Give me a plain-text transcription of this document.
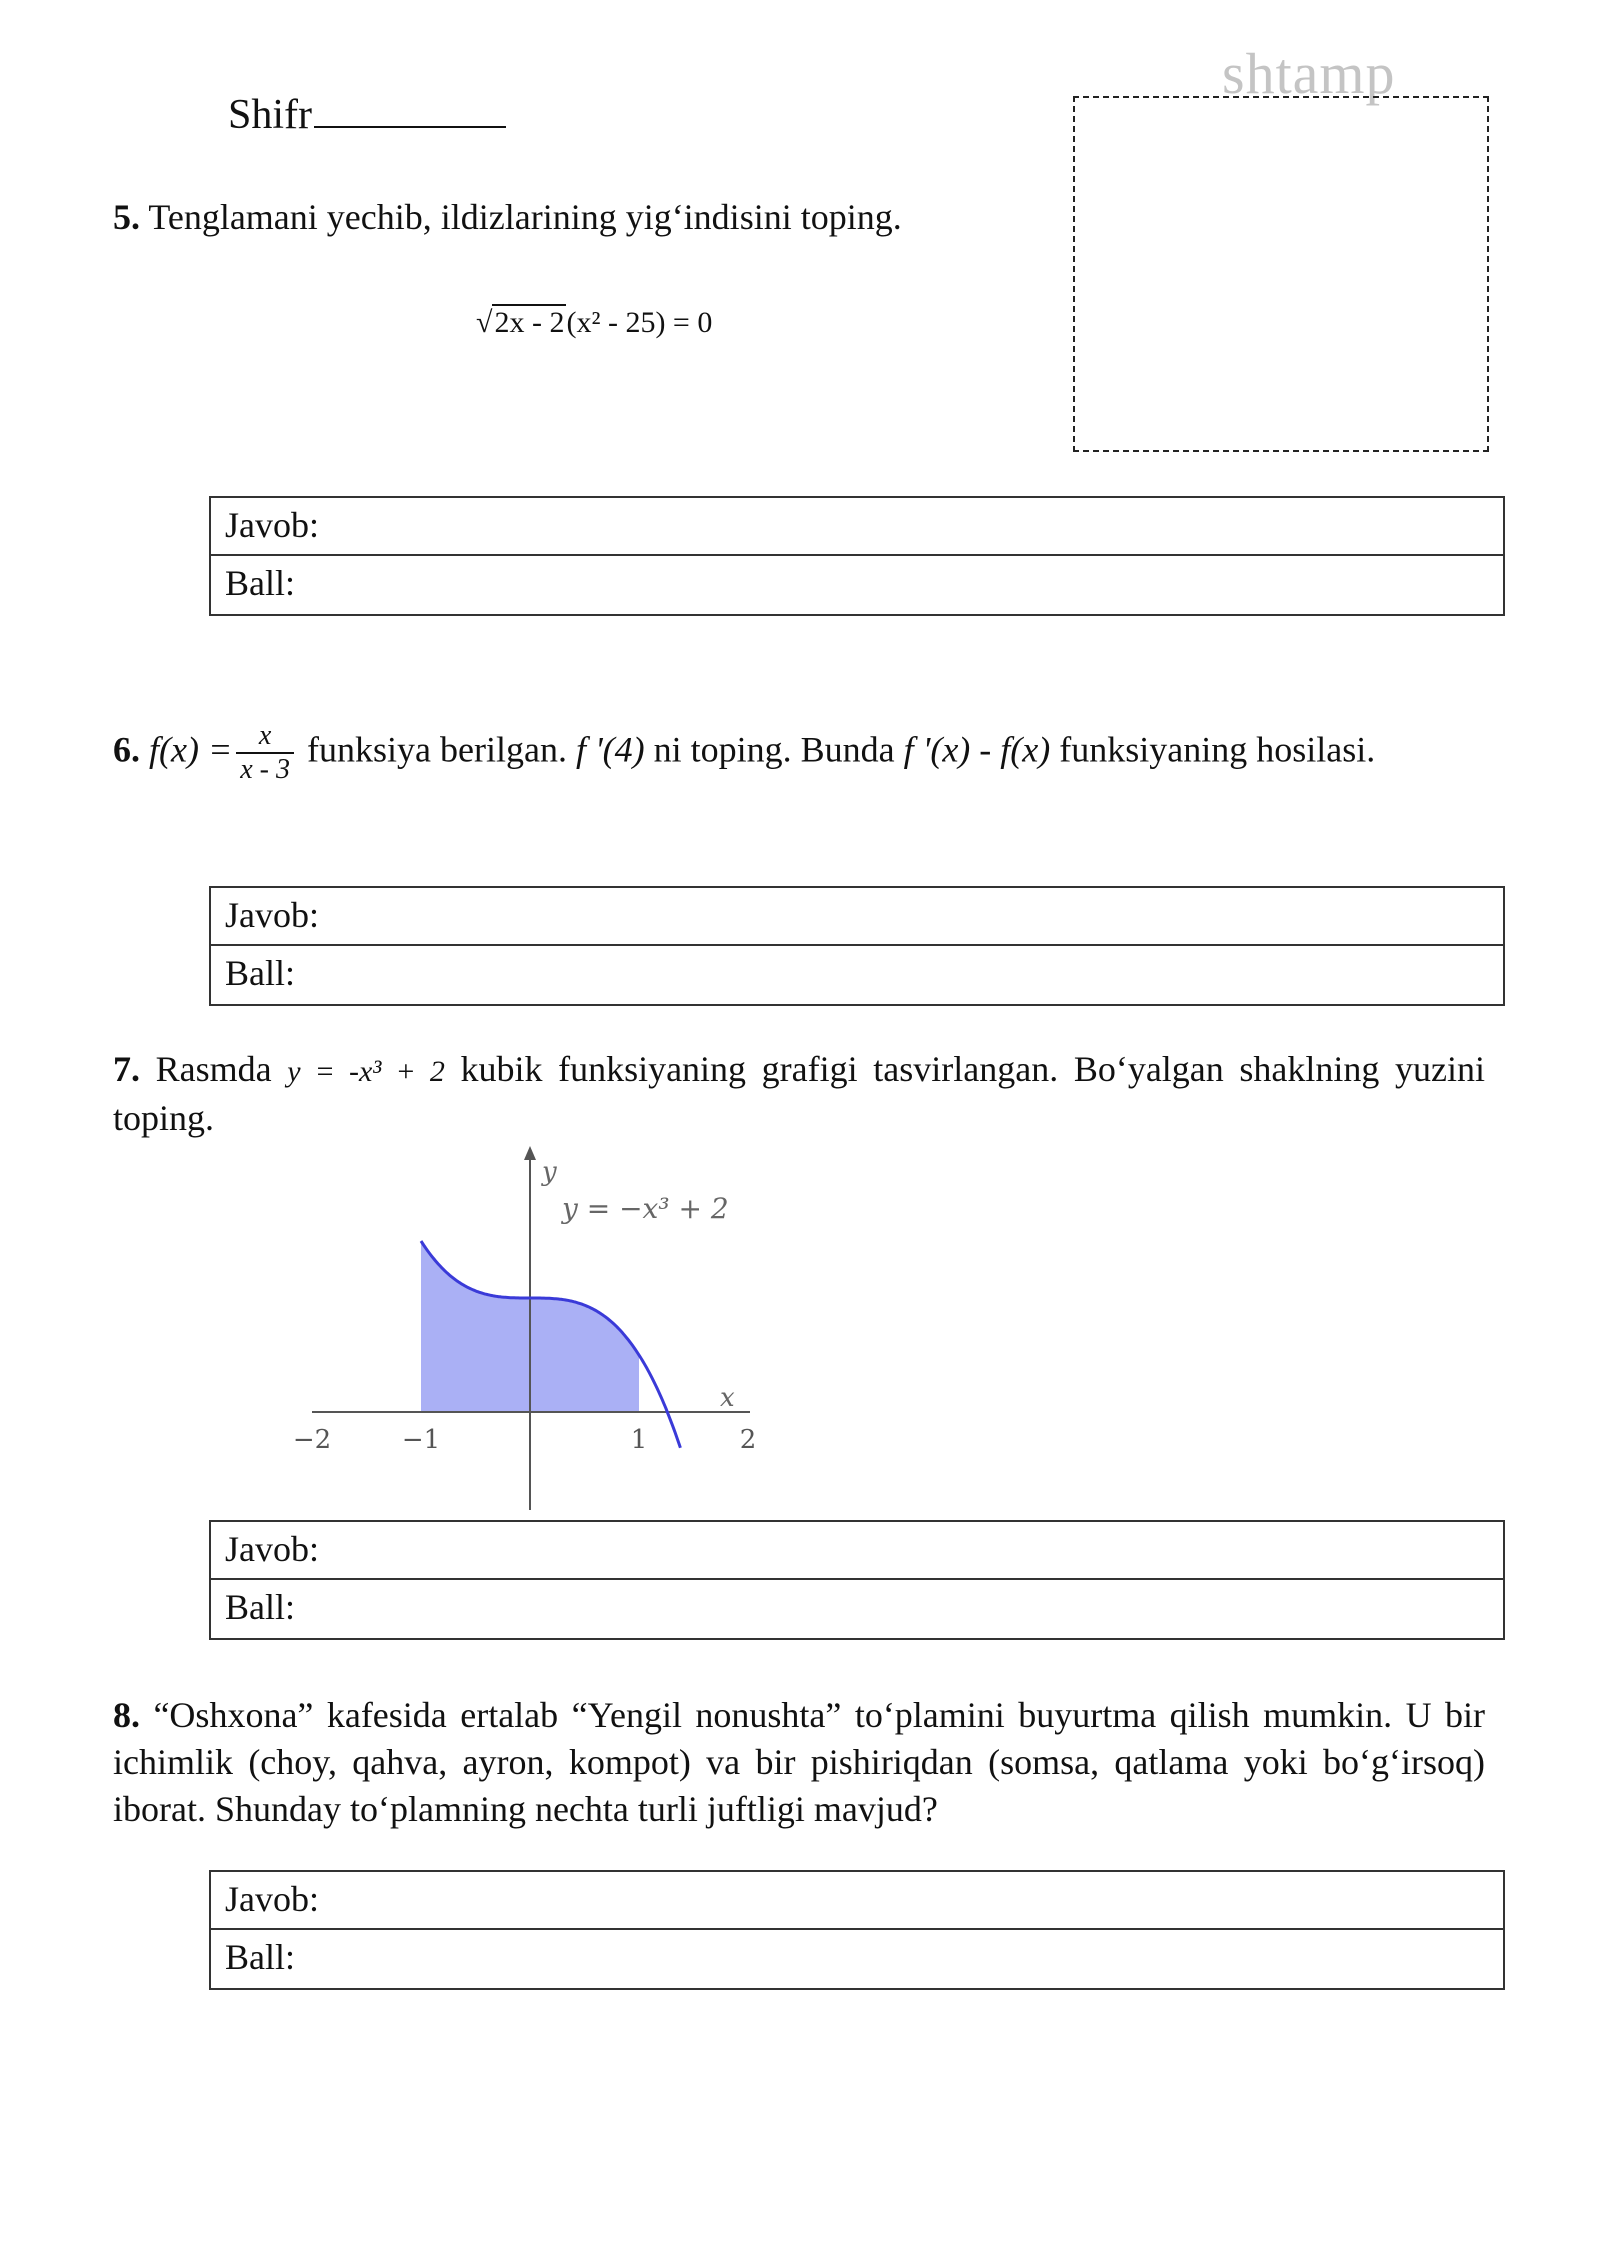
Shifr
shtamp
5. Tenglamani yechib, ildizlarining yig‘indisini toping.
√2x - 2(x² - 25) = 0
Javob:
Ball:
6. $f(x) = \frac{x}{x - 3}$ funksiya berilgan. f '(4) ni toping. Bunda f '(x) - f(x) funksiyaning hosilasi.
Javob:
Ball:
7. Rasmda y = -x³ + 2 kubik funksiyaning grafigi tasvirlangan. Bo‘yalgan shaklning yuzini toping.
y
y = −x³ + 2
x
−2	−1	1	2
Javob:
Ball:
8. “Oshxona” kafesida ertalab “Yengil nonushta” to‘plamini buyurtma qilish mumkin. U bir ichimlik (choy, qahva, ayron, kompot) va bir pishiriqdan (somsa, qatlama yoki bo‘g‘irsoq) iborat. Shunday to‘plamning nechta turli juftligi mavjud?
Javob:
Ball:
